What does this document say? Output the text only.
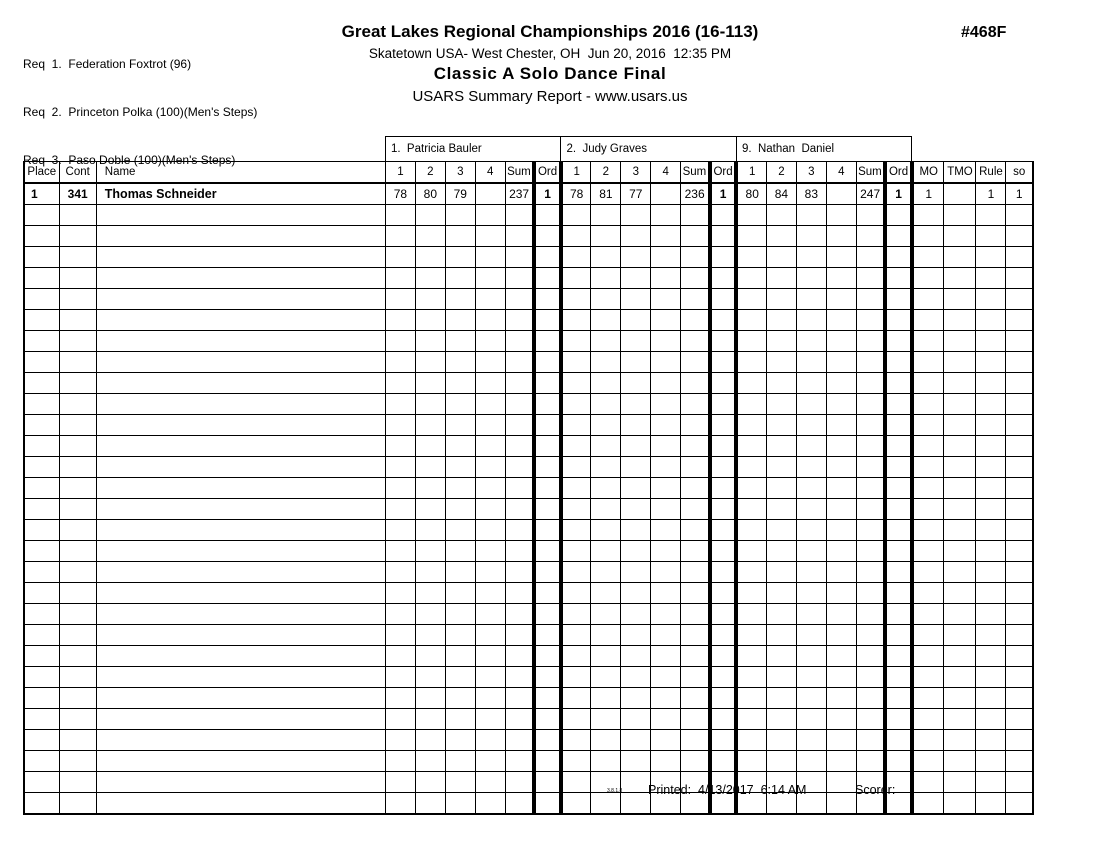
Req  1.  Federation Foxtrot (96)

Req  2.  Princeton Polka (100)(Men's Steps)

Req  3.  Paso Doble (100)(Men's Steps)

Great Lakes Regional Championships 2016 (16-113)
Skatetown USA- West Chester, OH  Jun 20, 2016  12:35 PM
Classic A Solo Dance Final
USARS Summary Report - www.usars.us
#468F
			1.  Patricia Bauler						2.  Judy Graves						9.  Nathan  Daniel									
Place	Cont	Name	1	2	3	4	Sum	Ord	1	2	3	4	Sum	Ord	1	2	3	4	Sum	Ord	MO	TMO	Rule	so
1	341	Thomas Schneider	78	80	79		237	1	78	81	77		236	1	80	84	83		247	1	1		1	1

3.8.1.8 Printed:  4/13/2017  6:14 AM	Scorer:
